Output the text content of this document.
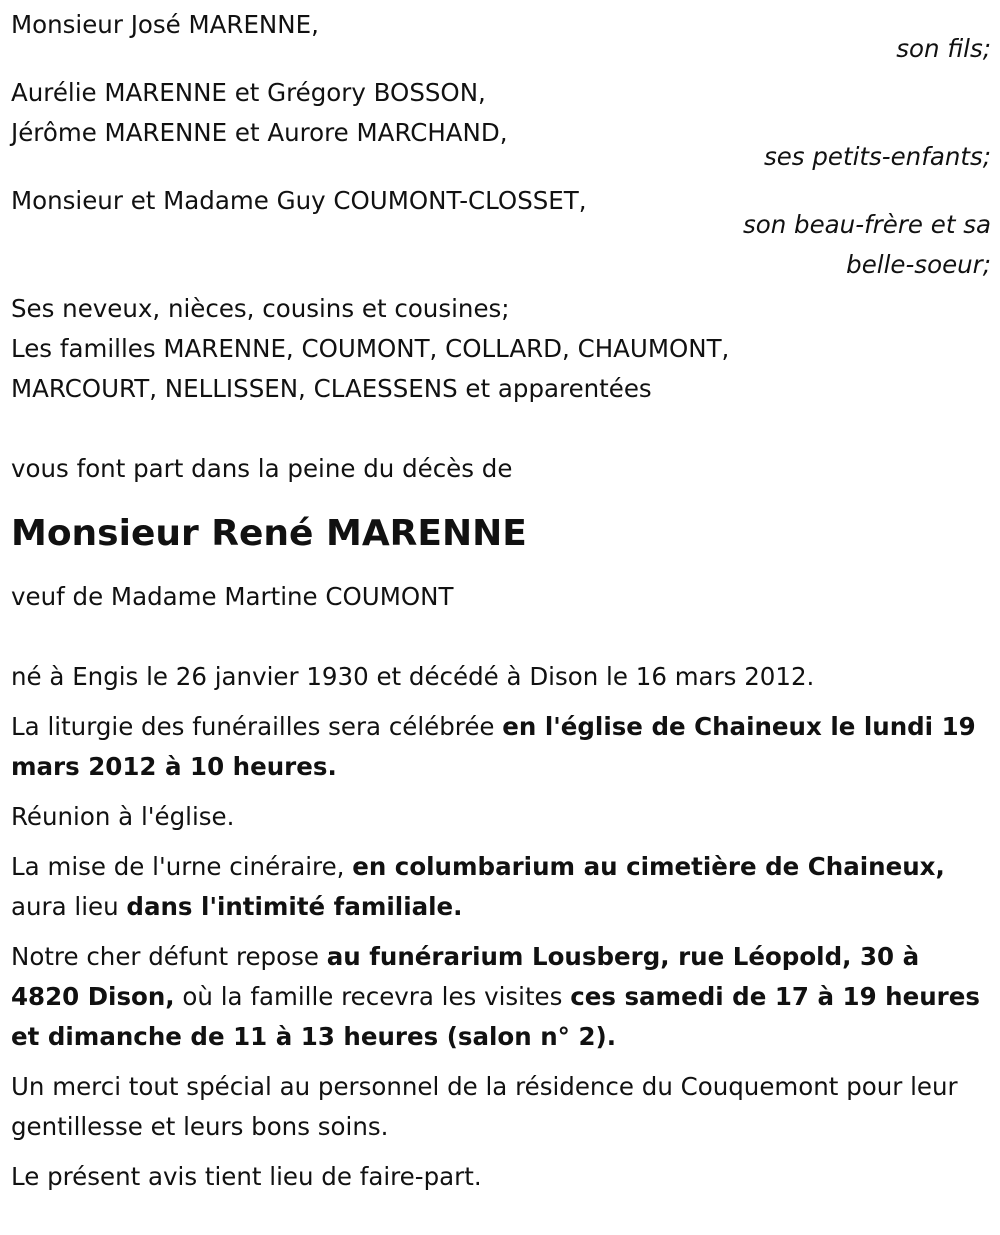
Monsieur José MARENNE,
son fils;
Aurélie MARENNE et Grégory BOSSON,
Jérôme MARENNE et Aurore MARCHAND,
ses petits-enfants;
Monsieur et Madame Guy COUMONT-CLOSSET,
son beau-frère et sa
belle-soeur;
Ses neveux, nièces, cousins et cousines;
Les familles MARENNE, COUMONT, COLLARD, CHAUMONT,
MARCOURT, NELLISSEN, CLAESSENS et apparentées
vous font part dans la peine du décès de
Monsieur René MARENNE
veuf de Madame Martine COUMONT
né à Engis le 26 janvier 1930 et décédé à Dison le 16 mars 2012.
La liturgie des funérailles sera célébrée en l'église de Chaineux le lundi 19 mars 2012 à 10 heures.
Réunion à l'église.
La mise de l'urne cinéraire, en columbarium au cimetière de Chaineux, aura lieu dans l'intimité familiale.
Notre cher défunt repose au funérarium Lousberg, rue Léopold, 30 à 4820 Dison, où la famille recevra les visites ces samedi de 17 à 19 heures et dimanche de 11 à 13 heures (salon n° 2).
Un merci tout spécial au personnel de la résidence du Couquemont pour leur gentillesse et leurs bons soins.
Le présent avis tient lieu de faire-part.
